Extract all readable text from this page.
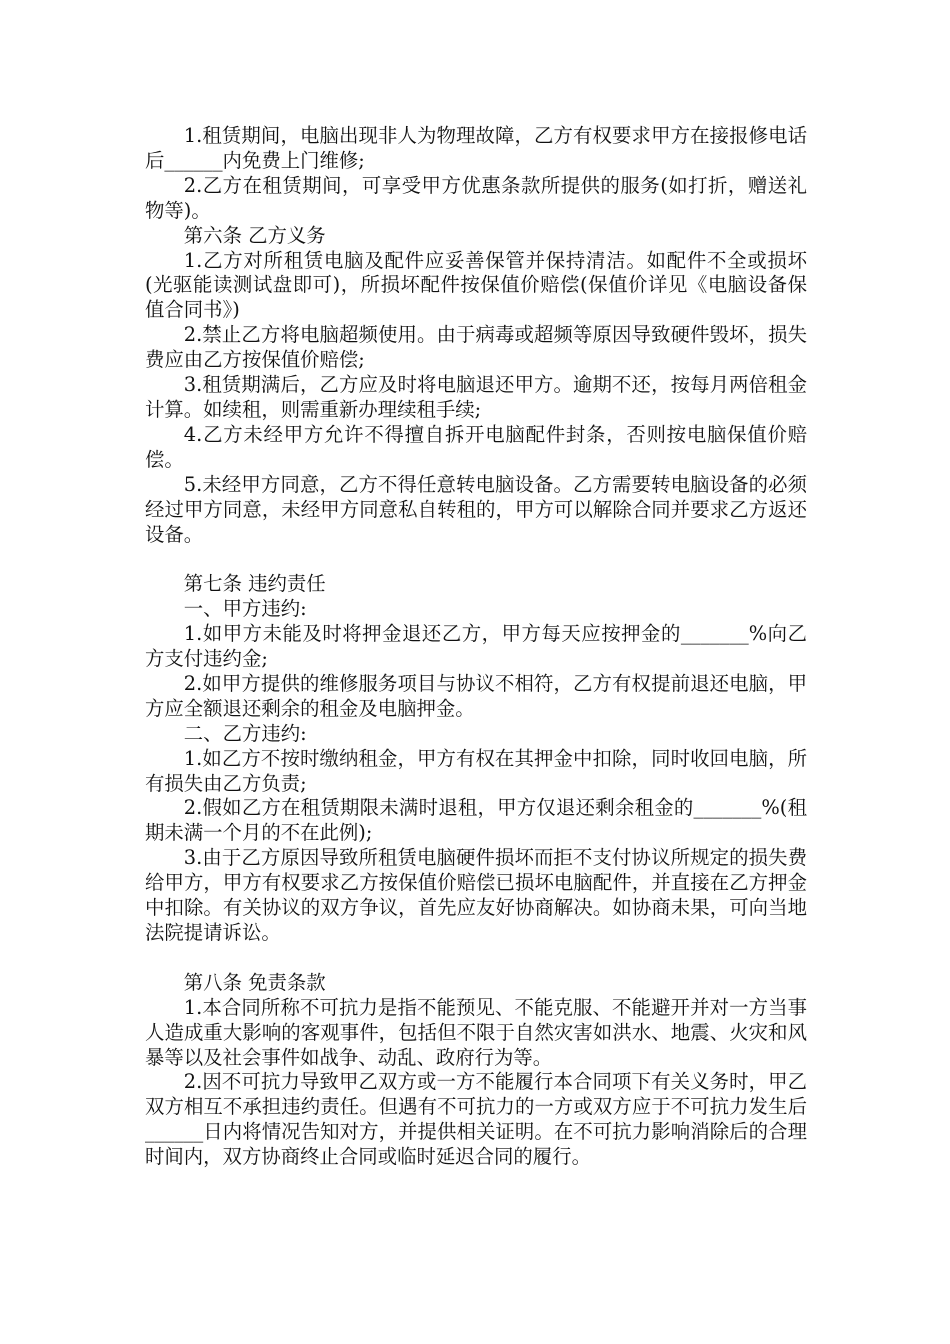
1.租赁期间，电脑出现非人为物理故障，乙方有权要求甲方在接报修电话后______内免费上门维修;

2.乙方在租赁期间，可享受甲方优惠条款所提供的服务(如打折，赠送礼物等)。

第六条 乙方义务

1.乙方对所租赁电脑及配件应妥善保管并保持清洁。如配件不全或损坏(光驱能读测试盘即可)，所损坏配件按保值价赔偿(保值价详见《电脑设备保值合同书》)

2.禁止乙方将电脑超频使用。由于病毒或超频等原因导致硬件毁坏，损失费应由乙方按保值价赔偿;

3.租赁期满后，乙方应及时将电脑退还甲方。逾期不还，按每月两倍租金计算。如续租，则需重新办理续租手续;

4.乙方未经甲方允许不得擅自拆开电脑配件封条，否则按电脑保值价赔偿。

5.未经甲方同意，乙方不得任意转电脑设备。乙方需要转电脑设备的必须经过甲方同意，未经甲方同意私自转租的，甲方可以解除合同并要求乙方返还设备。

第七条 违约责任

一、甲方违约:

1.如甲方未能及时将押金退还乙方，甲方每天应按押金的_______%向乙方支付违约金;

2.如甲方提供的维修服务项目与协议不相符，乙方有权提前退还电脑，甲方应全额退还剩余的租金及电脑押金。

二、乙方违约:

1.如乙方不按时缴纳租金，甲方有权在其押金中扣除，同时收回电脑，所有损失由乙方负责;

2.假如乙方在租赁期限未满时退租，甲方仅退还剩余租金的_______%(租期未满一个月的不在此例);

3.由于乙方原因导致所租赁电脑硬件损坏而拒不支付协议所规定的损失费给甲方，甲方有权要求乙方按保值价赔偿已损坏电脑配件，并直接在乙方押金中扣除。有关协议的双方争议，首先应友好协商解决。如协商未果，可向当地法院提请诉讼。

第八条 免责条款

1.本合同所称不可抗力是指不能预见、不能克服、不能避开并对一方当事人造成重大影响的客观事件，包括但不限于自然灾害如洪水、地震、火灾和风暴等以及社会事件如战争、动乱、政府行为等。

2.因不可抗力导致甲乙双方或一方不能履行本合同项下有关义务时，甲乙双方相互不承担违约责任。但遇有不可抗力的一方或双方应于不可抗力发生后______日内将情况告知对方，并提供相关证明。在不可抗力影响消除后的合理时间内，双方协商终止合同或临时延迟合同的履行。
